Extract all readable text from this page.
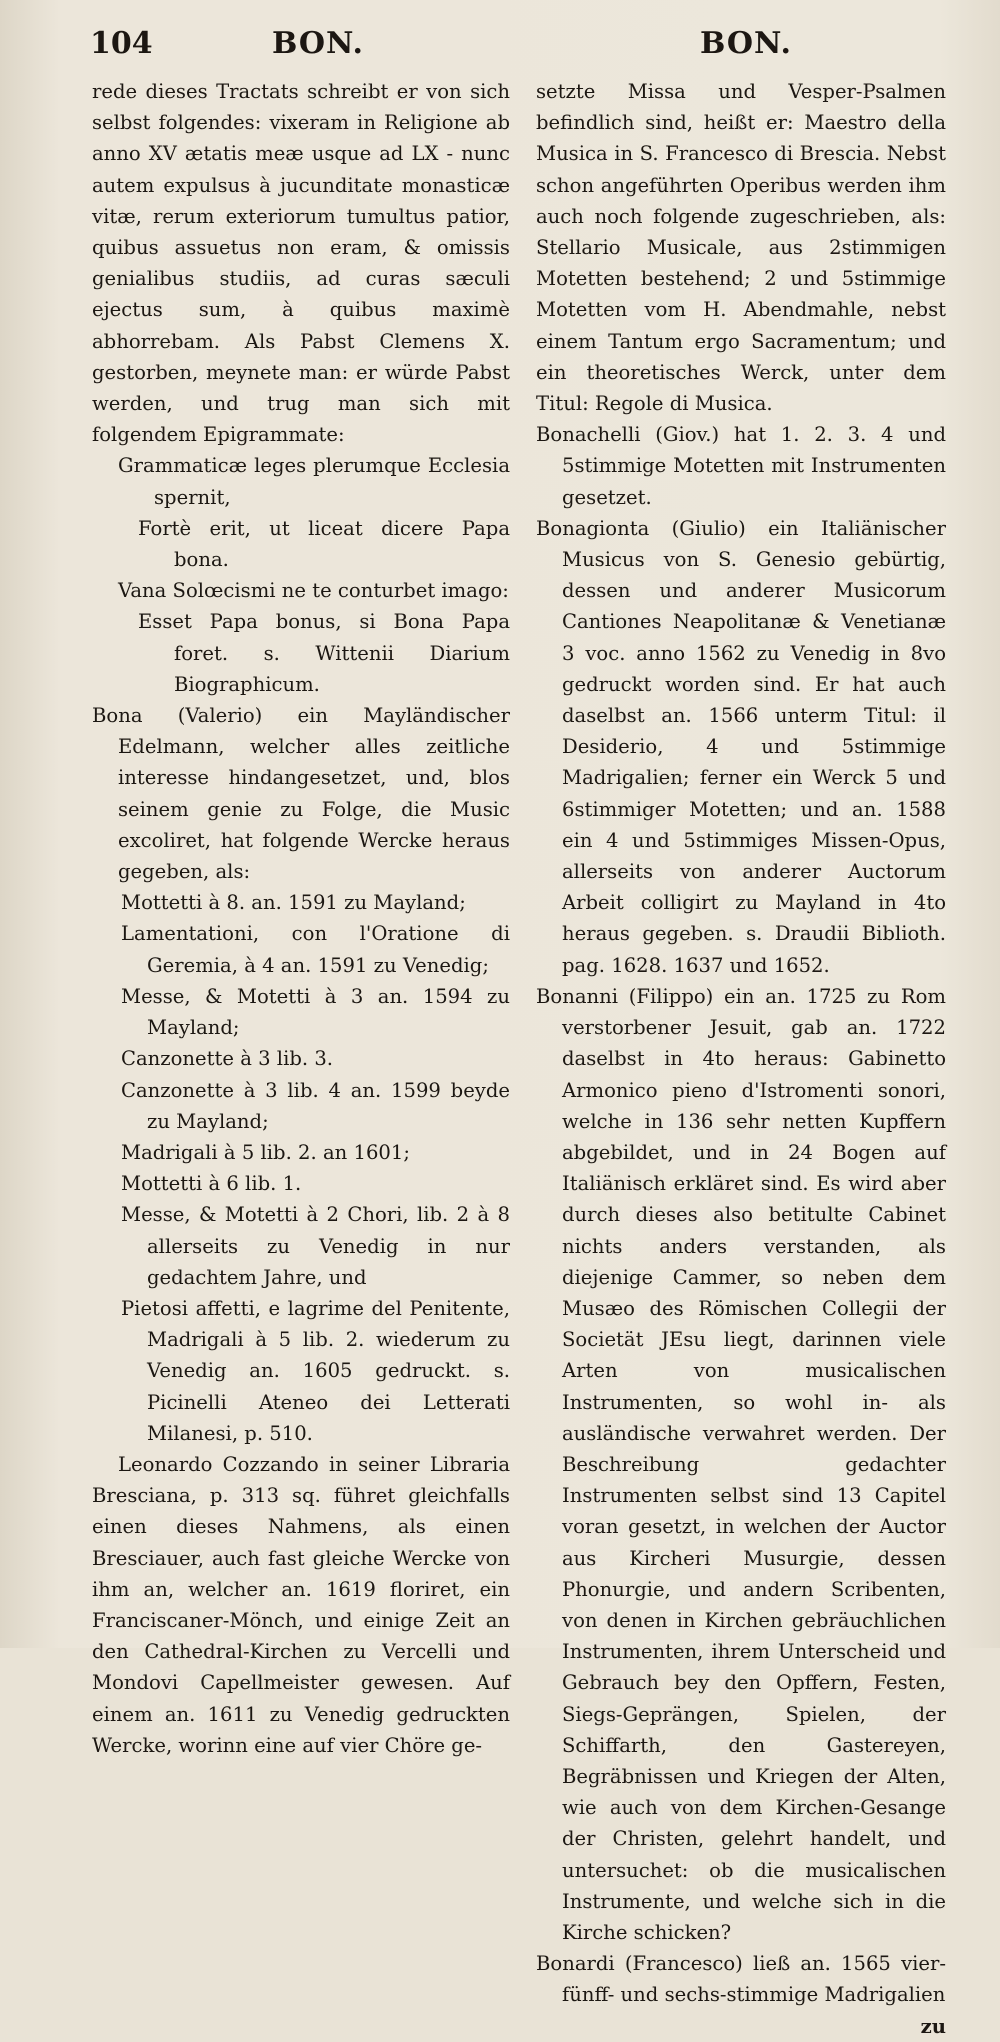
104	BON.	BON.

rede dieses Tractats schreibt er von sich selbst folgendes: vixeram in Religione ab anno XV ætatis meæ usque ad LX - nunc autem expulsus à jucunditate monasticæ vitæ, rerum exteriorum tumultus patior, quibus assuetus non eram, & omissis genialibus studiis, ad curas sæculi ejectus sum, à quibus maximè abhorrebam. Als Pabst Clemens X. gestorben, meynete man: er würde Pabst werden, und trug man sich mit folgendem Epigrammate:

Grammaticæ leges plerumque Ecclesia spernit,

Fortè erit, ut liceat dicere Papa bona.

Vana Solœcismi ne te conturbet imago:

Esset Papa bonus, si Bona Papa foret. s. Wittenii Diarium Biographicum.

Bona (Valerio) ein Mayländischer Edelmann, welcher alles zeitliche interesse hindangesetzet, und, blos seinem genie zu Folge, die Music excoliret, hat folgende Wercke heraus gegeben, als:

Mottetti à 8. an. 1591 zu Mayland;

Lamentationi, con l'Oratione di Geremia, à 4 an. 1591 zu Venedig;

Messe, & Motetti à 3 an. 1594 zu Mayland;

Canzonette à 3 lib. 3.

Canzonette à 3 lib. 4 an. 1599 beyde zu Mayland;

Madrigali à 5 lib. 2. an 1601;

Mottetti à 6 lib. 1.

Messe, & Motetti à 2 Chori, lib. 2 à 8 allerseits zu Venedig in nur gedachtem Jahre, und

Pietosi affetti, e lagrime del Penitente, Madrigali à 5 lib. 2. wiederum zu Venedig an. 1605 gedruckt. s. Picinelli Ateneo dei Letterati Milanesi, p. 510.

Leonardo Cozzando in seiner Libraria Bresciana, p. 313 sq. führet gleichfalls einen dieses Nahmens, als einen Bresciauer, auch fast gleiche Wercke von ihm an, welcher an. 1619 floriret, ein Franciscaner-Mönch, und einige Zeit an den Cathedral-Kirchen zu Vercelli und Mondovi Capellmeister gewesen. Auf einem an. 1611 zu Venedig gedruckten Wercke, worinn eine auf vier Chöre ge-

setzte Missa und Vesper-Psalmen befindlich sind, heißt er: Maestro della Musica in S. Francesco di Brescia. Nebst schon angeführten Operibus werden ihm auch noch folgende zugeschrieben, als: Stellario Musicale, aus 2stimmigen Motetten bestehend; 2 und 5stimmige Motetten vom H. Abendmahle, nebst einem Tantum ergo Sacramentum; und ein theoretisches Werck, unter dem Titul: Regole di Musica.

Bonachelli (Giov.) hat 1. 2. 3. 4 und 5stimmige Motetten mit Instrumenten gesetzet.

Bonagionta (Giulio) ein Italiänischer Musicus von S. Genesio gebürtig, dessen und anderer Musicorum Cantiones Neapolitanæ & Venetianæ 3 voc. anno 1562 zu Venedig in 8vo gedruckt worden sind. Er hat auch daselbst an. 1566 unterm Titul: il Desiderio, 4 und 5stimmige Madrigalien; ferner ein Werck 5 und 6stimmiger Motetten; und an. 1588 ein 4 und 5stimmiges Missen-Opus, allerseits von anderer Auctorum Arbeit colligirt zu Mayland in 4to heraus gegeben. s. Draudii Biblioth. pag. 1628. 1637 und 1652.

Bonanni (Filippo) ein an. 1725 zu Rom verstorbener Jesuit, gab an. 1722 daselbst in 4to heraus: Gabinetto Armonico pieno d'Istromenti sonori, welche in 136 sehr netten Kupffern abgebildet, und in 24 Bogen auf Italiänisch erkläret sind. Es wird aber durch dieses also betitulte Cabinet nichts anders verstanden, als diejenige Cammer, so neben dem Musæo des Römischen Collegii der Societät JEsu liegt, darinnen viele Arten von musicalischen Instrumenten, so wohl in- als ausländische verwahret werden. Der Beschreibung gedachter Instrumenten selbst sind 13 Capitel voran gesetzt, in welchen der Auctor aus Kircheri Musurgie, dessen Phonurgie, und andern Scribenten, von denen in Kirchen gebräuchlichen Instrumenten, ihrem Unterscheid und Gebrauch bey den Opffern, Festen, Siegs-Geprängen, Spielen, der Schiffarth, den Gastereyen, Begräbnissen und Kriegen der Alten, wie auch von dem Kirchen-Gesange der Christen, gelehrt handelt, und untersuchet: ob die musicalischen Instrumente, und welche sich in die Kirche schicken?

Bonardi (Francesco) ließ an. 1565 vier- fünff- und sechs-stimmige Madrigalien

zu
